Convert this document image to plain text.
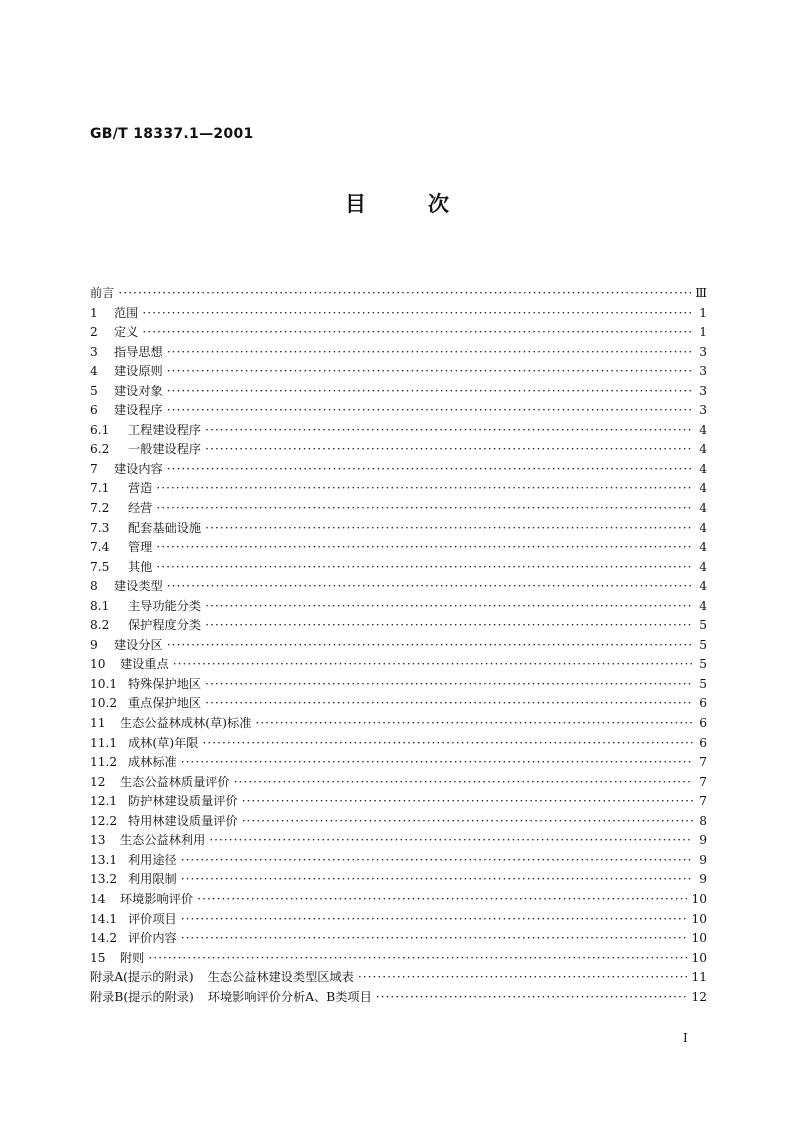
GB/T 18337.1—2001
目次
前言 ·····	Ⅲ
1	范围 ·····	1
2	定义 ·····	1
3	指导思想 ·····	3
4	建设原则 ·····	3
5	建设对象 ·····	3
6	建设程序 ·····	3
6.1	工程建设程序 ·····	4
6.2	一般建设程序 ·····	4
7	建设内容 ·····	4
7.1	营造 ·····	4
7.2	经营 ·····	4
7.3	配套基础设施 ·····	4
7.4	管理 ·····	4
7.5	其他 ·····	4
8	建设类型 ·····	4
8.1	主导功能分类 ·····	4
8.2	保护程度分类 ·····	5
9	建设分区 ·····	5
10	建设重点 ·····	5
10.1 特殊保护地区 ·····	5
10.2 重点保护地区 ·····	6
11	生态公益林成林(草)标准 ·····	6
11.1 成林(草)年限 ·····	6
11.2 成林标准 ·····	7
12	生态公益林质量评价 ·····	7
12.1 防护林建设质量评价 ·····	7
12.2 特用林建设质量评价 ·····	8
13	生态公益林利用 ·····	9
13.1 利用途径 ·····	9
13.2 利用限制 ·····	9
14	环境影响评价 ·····	10
14.1 评价项目 ·····	10
14.2 评价内容 ·····	10
15	附则 ·····	10
附录A(提示的附录) 生态公益林建设类型区域表 ·····	11
附录B(提示的附录) 环境影响评价分析A、B类项目 ·····	12
Ⅰ
